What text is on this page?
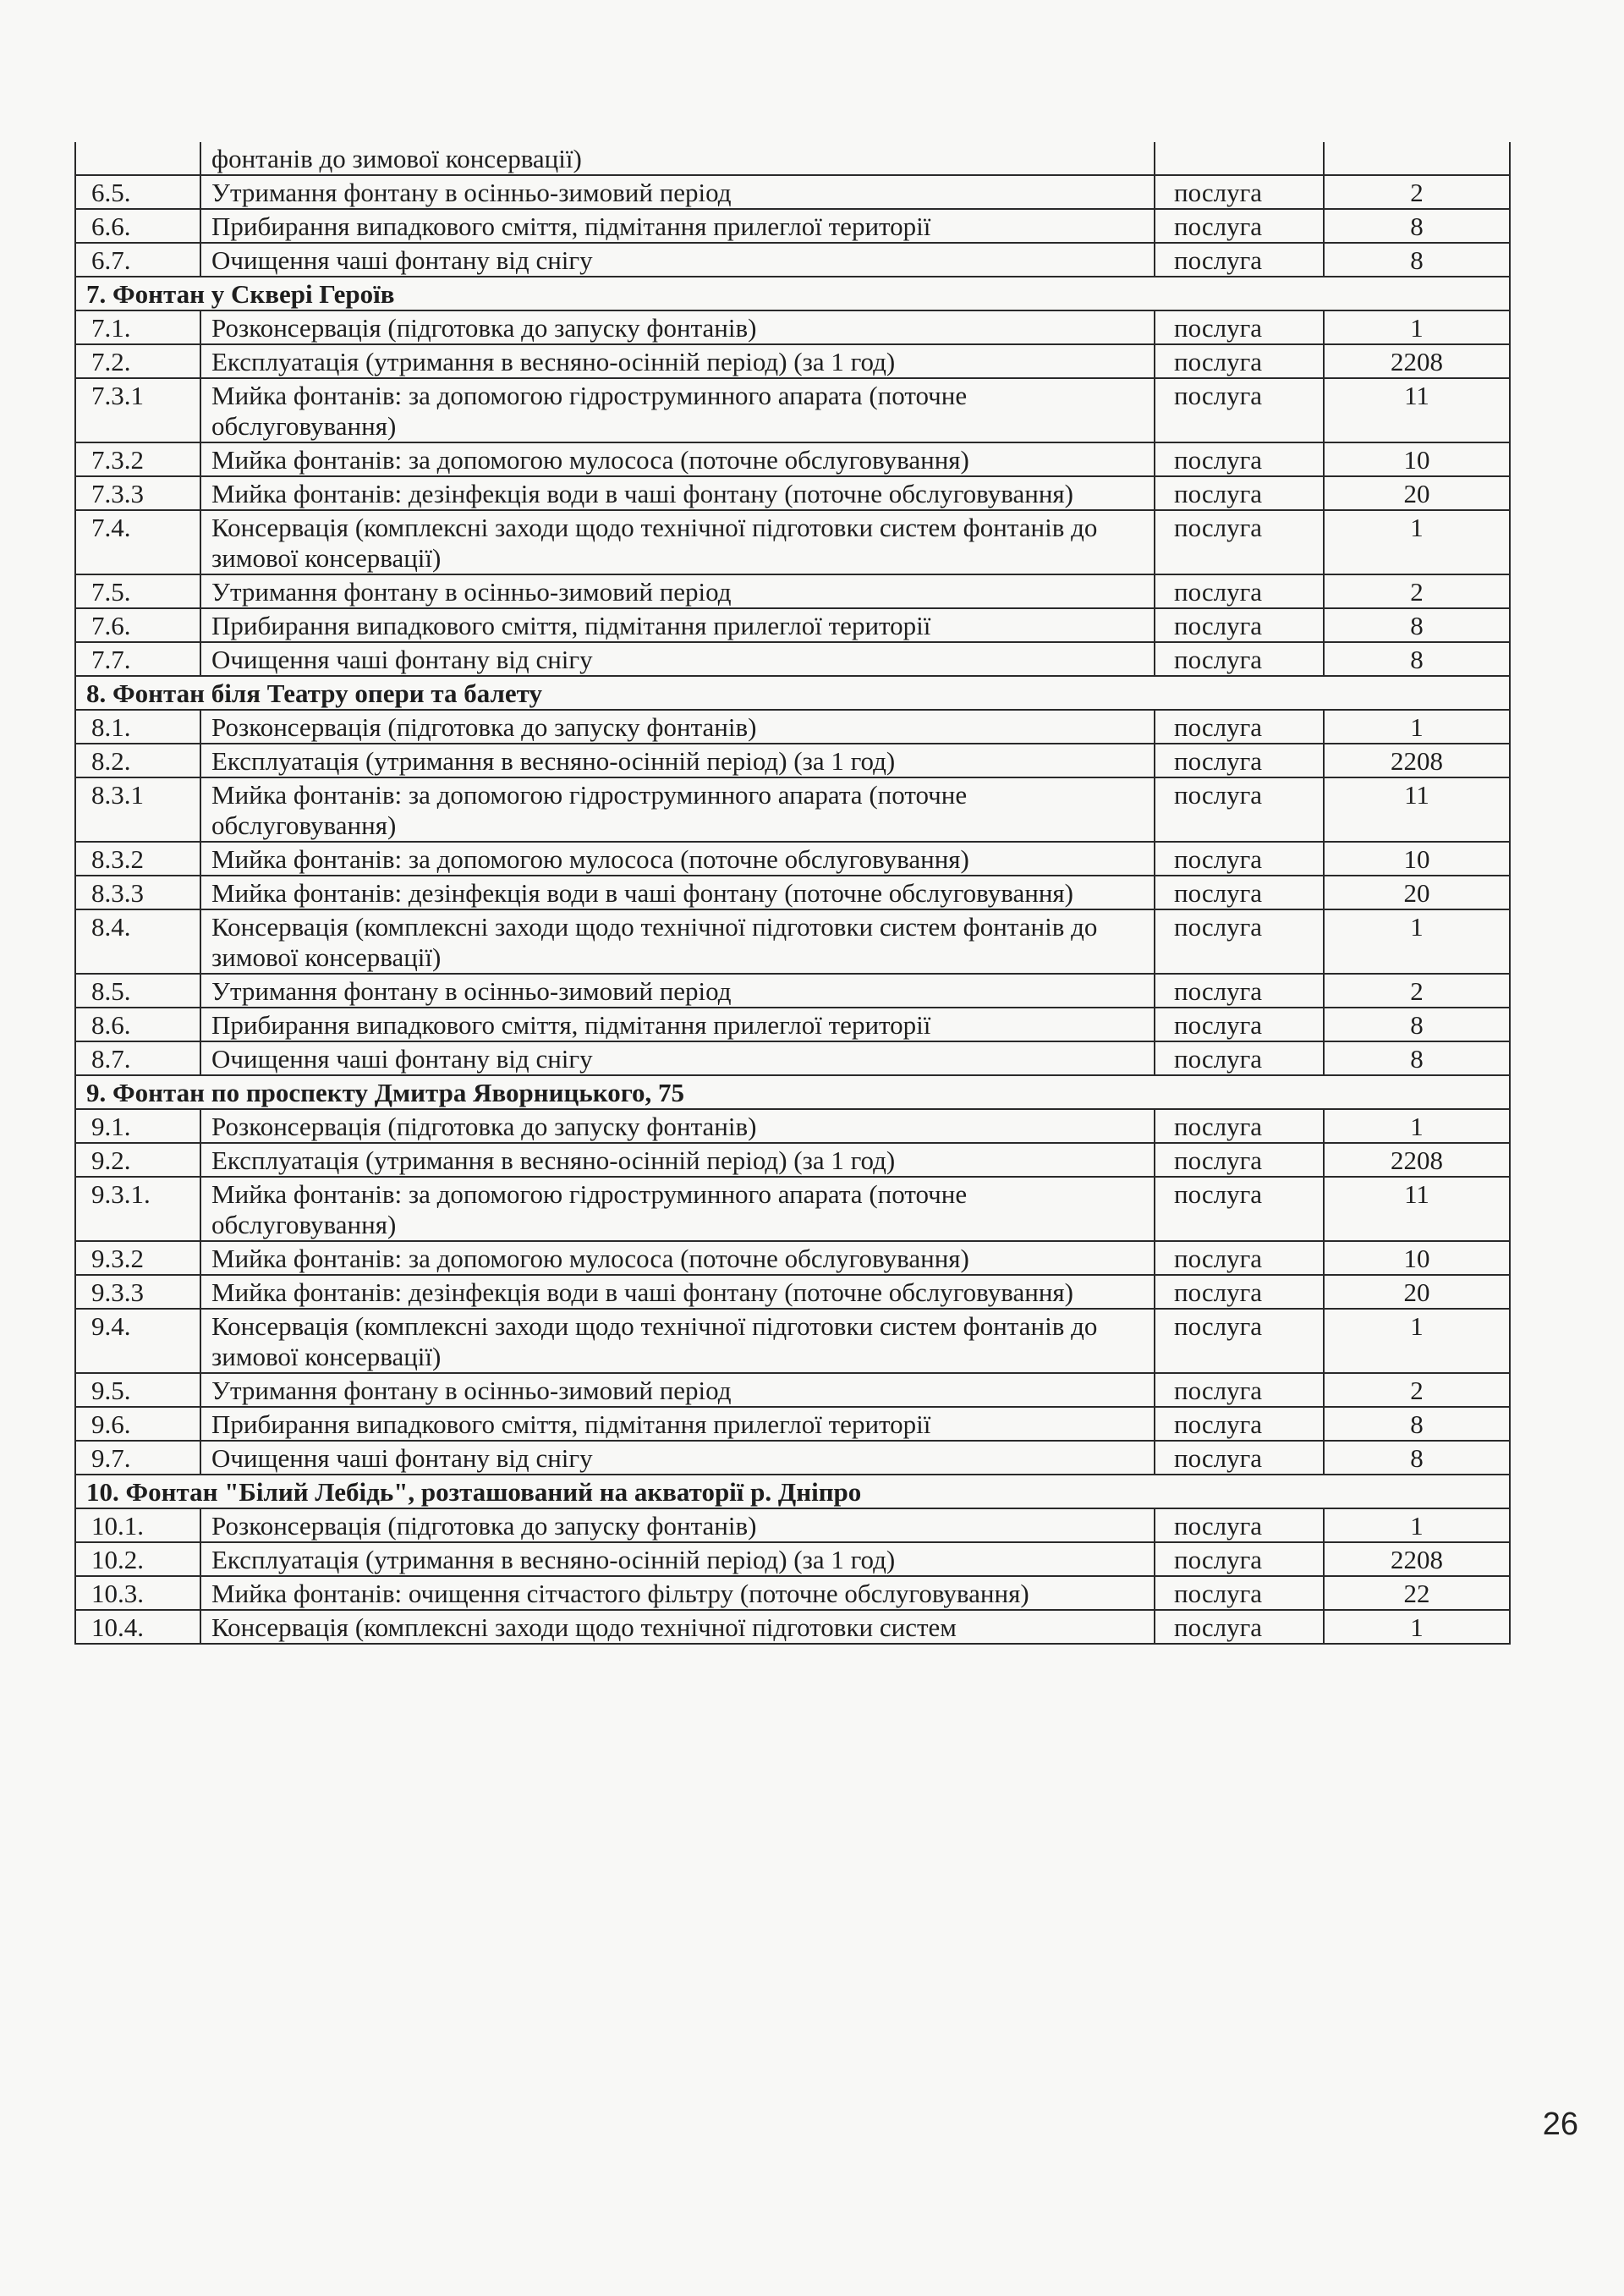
	фонтанів до зимової консервації)		
6.5.	Утримання фонтану в осінньо-зимовий період	послуга	2
6.6.	Прибирання випадкового сміття, підмітання прилеглої території	послуга	8
6.7.	Очищення чаші фонтану від снігу	послуга	8
7. Фонтан у Сквері Героїв			
7.1.	Розконсервація (підготовка до запуску фонтанів)	послуга	1
7.2.	Експлуатація (утримання в весняно-осінній період) (за 1 год)	послуга	2208
7.3.1	Мийка фонтанів: за допомогою гідроструминного апарата (поточне обслуговування)	послуга	11
7.3.2	Мийка фонтанів: за допомогою мулососа (поточне обслуговування)	послуга	10
7.3.3	Мийка фонтанів: дезінфекція води в чаші фонтану (поточне обслуговування)	послуга	20
7.4.	Консервація (комплексні заходи щодо технічної підготовки систем фонтанів до зимової консервації)	послуга	1
7.5.	Утримання фонтану в осінньо-зимовий період	послуга	2
7.6.	Прибирання випадкового сміття, підмітання прилеглої території	послуга	8
7.7.	Очищення чаші фонтану від снігу	послуга	8
8. Фонтан біля Театру опери та балету			
8.1.	Розконсервація (підготовка до запуску фонтанів)	послуга	1
8.2.	Експлуатація (утримання в весняно-осінній період) (за 1 год)	послуга	2208
8.3.1	Мийка фонтанів: за допомогою гідроструминного апарата (поточне обслуговування)	послуга	11
8.3.2	Мийка фонтанів: за допомогою мулососа (поточне обслуговування)	послуга	10
8.3.3	Мийка фонтанів: дезінфекція води в чаші фонтану (поточне обслуговування)	послуга	20
8.4.	Консервація (комплексні заходи щодо технічної підготовки систем фонтанів до зимової консервації)	послуга	1
8.5.	Утримання фонтану в осінньо-зимовий період	послуга	2
8.6.	Прибирання випадкового сміття, підмітання прилеглої території	послуга	8
8.7.	Очищення чаші фонтану від снігу	послуга	8
9. Фонтан по проспекту Дмитра Яворницького, 75			
9.1.	Розконсервація (підготовка до запуску фонтанів)	послуга	1
9.2.	Експлуатація (утримання в весняно-осінній період) (за 1 год)	послуга	2208
9.3.1.	Мийка фонтанів: за допомогою гідроструминного апарата (поточне обслуговування)	послуга	11
9.3.2	Мийка фонтанів: за допомогою мулососа (поточне обслуговування)	послуга	10
9.3.3	Мийка фонтанів: дезінфекція води в чаші фонтану (поточне обслуговування)	послуга	20
9.4.	Консервація (комплексні заходи щодо технічної підготовки систем фонтанів до зимової консервації)	послуга	1
9.5.	Утримання фонтану в осінньо-зимовий період	послуга	2
9.6.	Прибирання випадкового сміття, підмітання прилеглої території	послуга	8
9.7.	Очищення чаші фонтану від снігу	послуга	8
10. Фонтан "Білий Лебідь", розташований на акваторії р. Дніпро			
10.1.	Розконсервація (підготовка до запуску фонтанів)	послуга	1
10.2.	Експлуатація (утримання в весняно-осінній період) (за 1 год)	послуга	2208
10.3.	Мийка фонтанів: очищення сітчастого фільтру (поточне обслуговування)	послуга	22
10.4.	Консервація (комплексні заходи щодо технічної підготовки систем	послуга	1
26
